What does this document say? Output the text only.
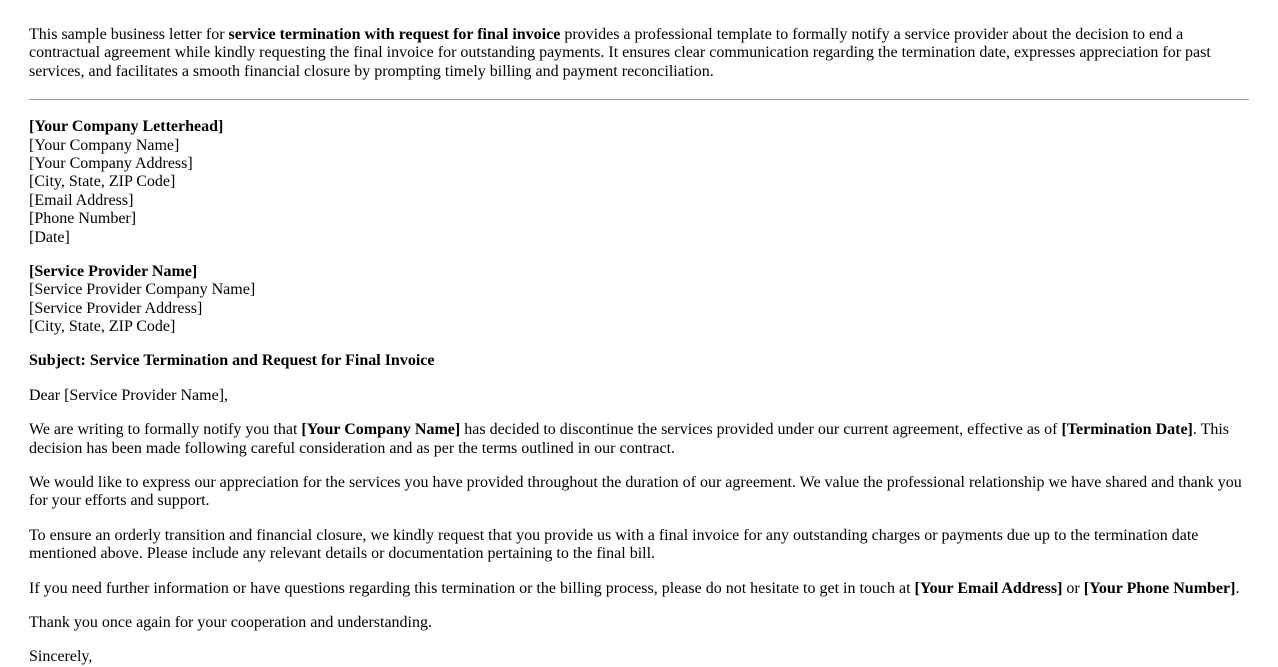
This sample business letter for service termination with request for final invoice provides a professional template to formally notify a service provider about the decision to end a contractual agreement while kindly requesting the final invoice for outstanding payments. It ensures clear communication regarding the termination date, expresses appreciation for past services, and facilitates a smooth financial closure by prompting timely billing and payment reconciliation.

[Your Company Letterhead]
[Your Company Name]
[Your Company Address]
[City, State, ZIP Code]
[Email Address]
[Phone Number]
[Date]

[Service Provider Name]
[Service Provider Company Name]
[Service Provider Address]
[City, State, ZIP Code]

Subject: Service Termination and Request for Final Invoice

Dear [Service Provider Name],

We are writing to formally notify you that [Your Company Name] has decided to discontinue the services provided under our current agreement, effective as of [Termination Date]. This decision has been made following careful consideration and as per the terms outlined in our contract.

We would like to express our appreciation for the services you have provided throughout the duration of our agreement. We value the professional relationship we have shared and thank you for your efforts and support.

To ensure an orderly transition and financial closure, we kindly request that you provide us with a final invoice for any outstanding charges or payments due up to the termination date mentioned above. Please include any relevant details or documentation pertaining to the final bill.

If you need further information or have questions regarding this termination or the billing process, please do not hesitate to get in touch at [Your Email Address] or [Your Phone Number].

Thank you once again for your cooperation and understanding.

Sincerely,
